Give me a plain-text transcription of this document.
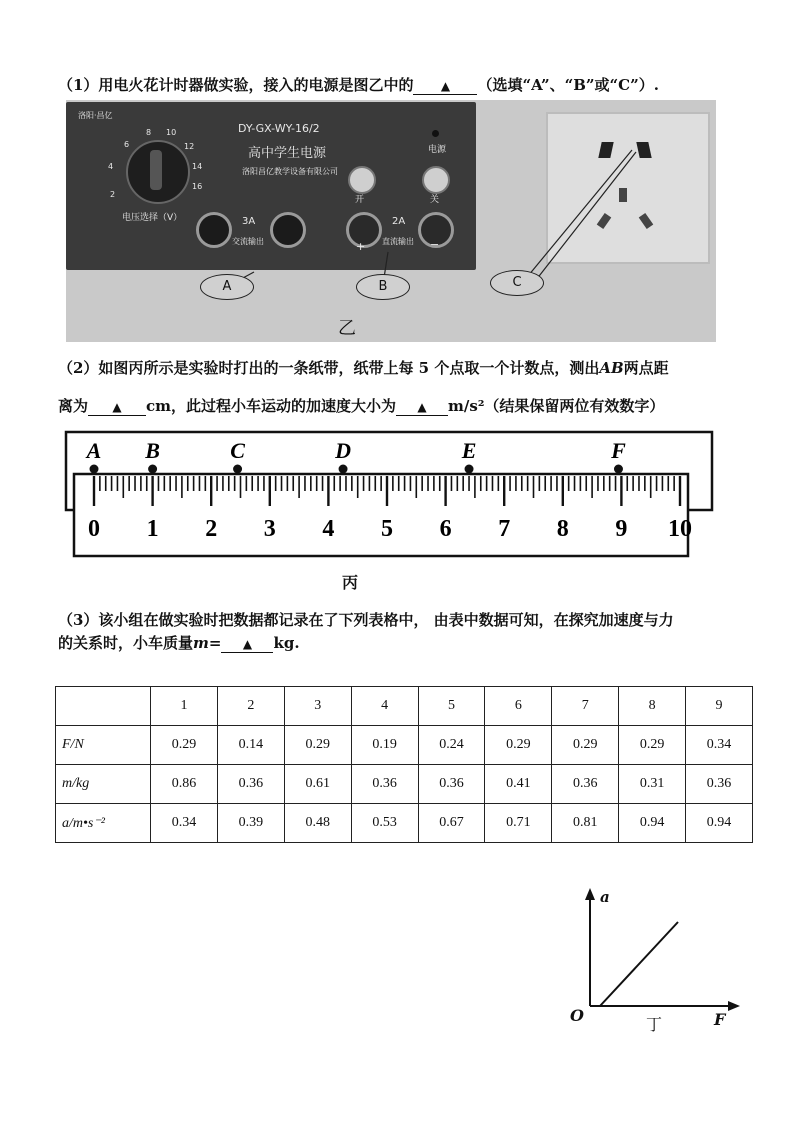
（1）用电火花计时器做实验，接入的电源是图乙中的 ▲ （选填“A”、“B”或“C”）.
洛阳·昌亿
DY-GX-WY-16/2
高中学生电源
洛阳昌亿教学设备有限公司
电源
2
4
6
8 10
12
14
16
电压选择（V）	3A
交流输出
开	关
2A
直流输出
+	−
A	B	C
乙
（2）如图丙所示是实验时打出的一条纸带，纸带上每 5 个点取一个计数点，测出AB两点距
离为 ▲ cm，此过程小车运动的加速度大小为 ▲ m/s²（结果保留两位有效数字）
0 1 2 3 4 5 6 7 8 9 10
A B	C	D	E	F
丙
（3）该小组在做实验时把数据都记录在了下列表格中， 由表中数据可知，在探究加速度与力
的关系时，小车质量m= ▲ kg.
	1	2	3	4	5	6	7	8	9
F/N	0.29	0.14	0.29	0.19	0.24	0.29	0.29	0.29	0.34
m/kg	0.86	0.36	0.61	0.36	0.36	0.41	0.36	0.31	0.36
a/m•s⁻²	0.34	0.39	0.48	0.53	0.67	0.71	0.81	0.94	0.94
a
O	丁	F
